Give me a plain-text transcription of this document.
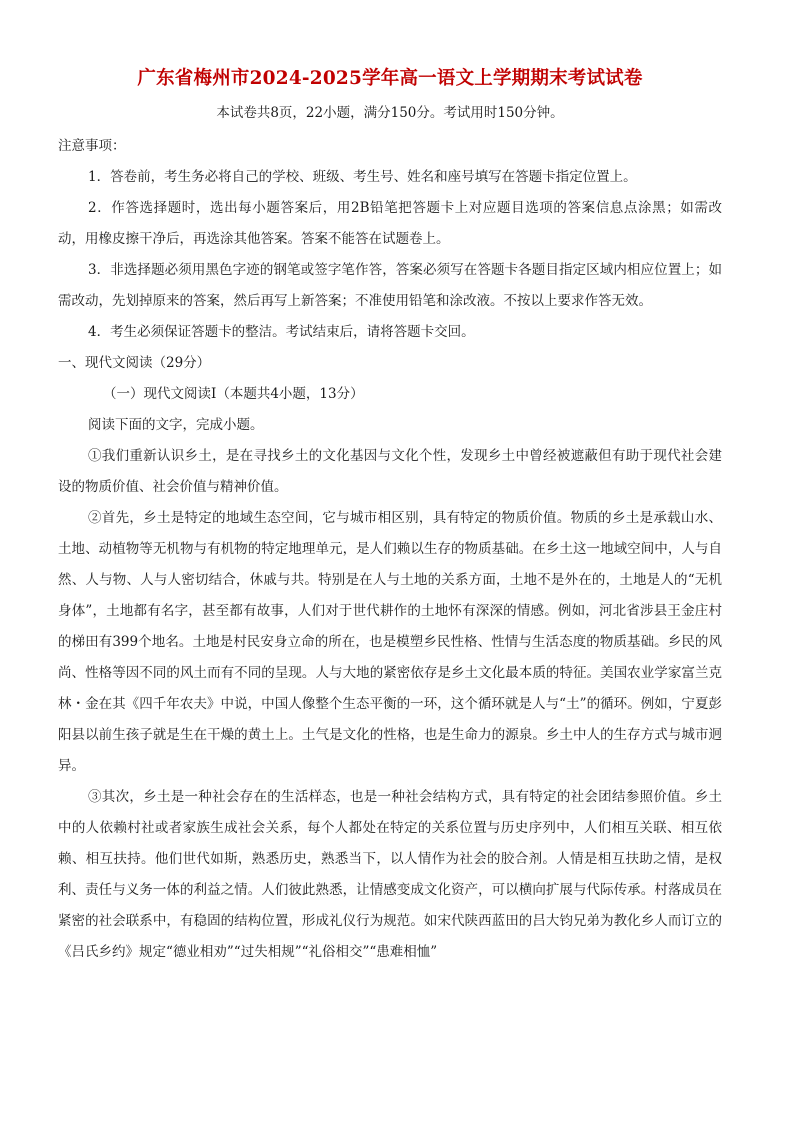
广东省梅州市2024-2025学年高一语文上学期期末考试试卷
本试卷共8页，22小题，满分150分。考试用时150分钟。

注意事项：

1．答卷前，考生务必将自己的学校、班级、考生号、姓名和座号填写在答题卡指定位置上。

2．作答选择题时，选出每小题答案后，用2B铅笔把答题卡上对应题目选项的答案信息点涂黑；如需改动，用橡皮擦干净后，再选涂其他答案。答案不能答在试题卷上。

3．非选择题必须用黑色字迹的钢笔或签字笔作答，答案必须写在答题卡各题目指定区域内相应位置上；如需改动，先划掉原来的答案，然后再写上新答案；不准使用铅笔和涂改液。不按以上要求作答无效。

4．考生必须保证答题卡的整洁。考试结束后，请将答题卡交回。

一、现代文阅读（29分）

（一）现代文阅读Ⅰ（本题共4小题，13分）

阅读下面的文字，完成小题。

①我们重新认识乡土，是在寻找乡土的文化基因与文化个性，发现乡土中曾经被遮蔽但有助于现代社会建设的物质价值、社会价值与精神价值。

②首先，乡土是特定的地域生态空间，它与城市相区别，具有特定的物质价值。物质的乡土是承载山水、土地、动植物等无机物与有机物的特定地理单元，是人们赖以生存的物质基础。在乡土这一地域空间中，人与自然、人与物、人与人密切结合，休戚与共。特别是在人与土地的关系方面，土地不是外在的，土地是人的“无机身体”，土地都有名字，甚至都有故事，人们对于世代耕作的土地怀有深深的情感。例如，河北省涉县王金庄村的梯田有399个地名。土地是村民安身立命的所在，也是模塑乡民性格、性情与生活态度的物质基础。乡民的风尚、性格等因不同的风土而有不同的呈现。人与大地的紧密依存是乡土文化最本质的特征。美国农业学家富兰克林・金在其《四千年农夫》中说，中国人像整个生态平衡的一环，这个循环就是人与“土”的循环。例如，宁夏彭阳县以前生孩子就是生在干燥的黄土上。土气是文化的性格，也是生命力的源泉。乡土中人的生存方式与城市迥异。

③其次，乡土是一种社会存在的生活样态，也是一种社会结构方式，具有特定的社会团结参照价值。乡土中的人依赖村社或者家族生成社会关系，每个人都处在特定的关系位置与历史序列中，人们相互关联、相互依赖、相互扶持。他们世代如斯，熟悉历史，熟悉当下，以人情作为社会的胶合剂。人情是相互扶助之情，是权利、责任与义务一体的利益之情。人们彼此熟悉，让情感变成文化资产，可以横向扩展与代际传承。村落成员在紧密的社会联系中，有稳固的结构位置，形成礼仪行为规范。如宋代陕西蓝田的吕大钧兄弟为教化乡人而订立的《吕氏乡约》规定“德业相劝”“过失相规”“礼俗相交”“患难相恤”
